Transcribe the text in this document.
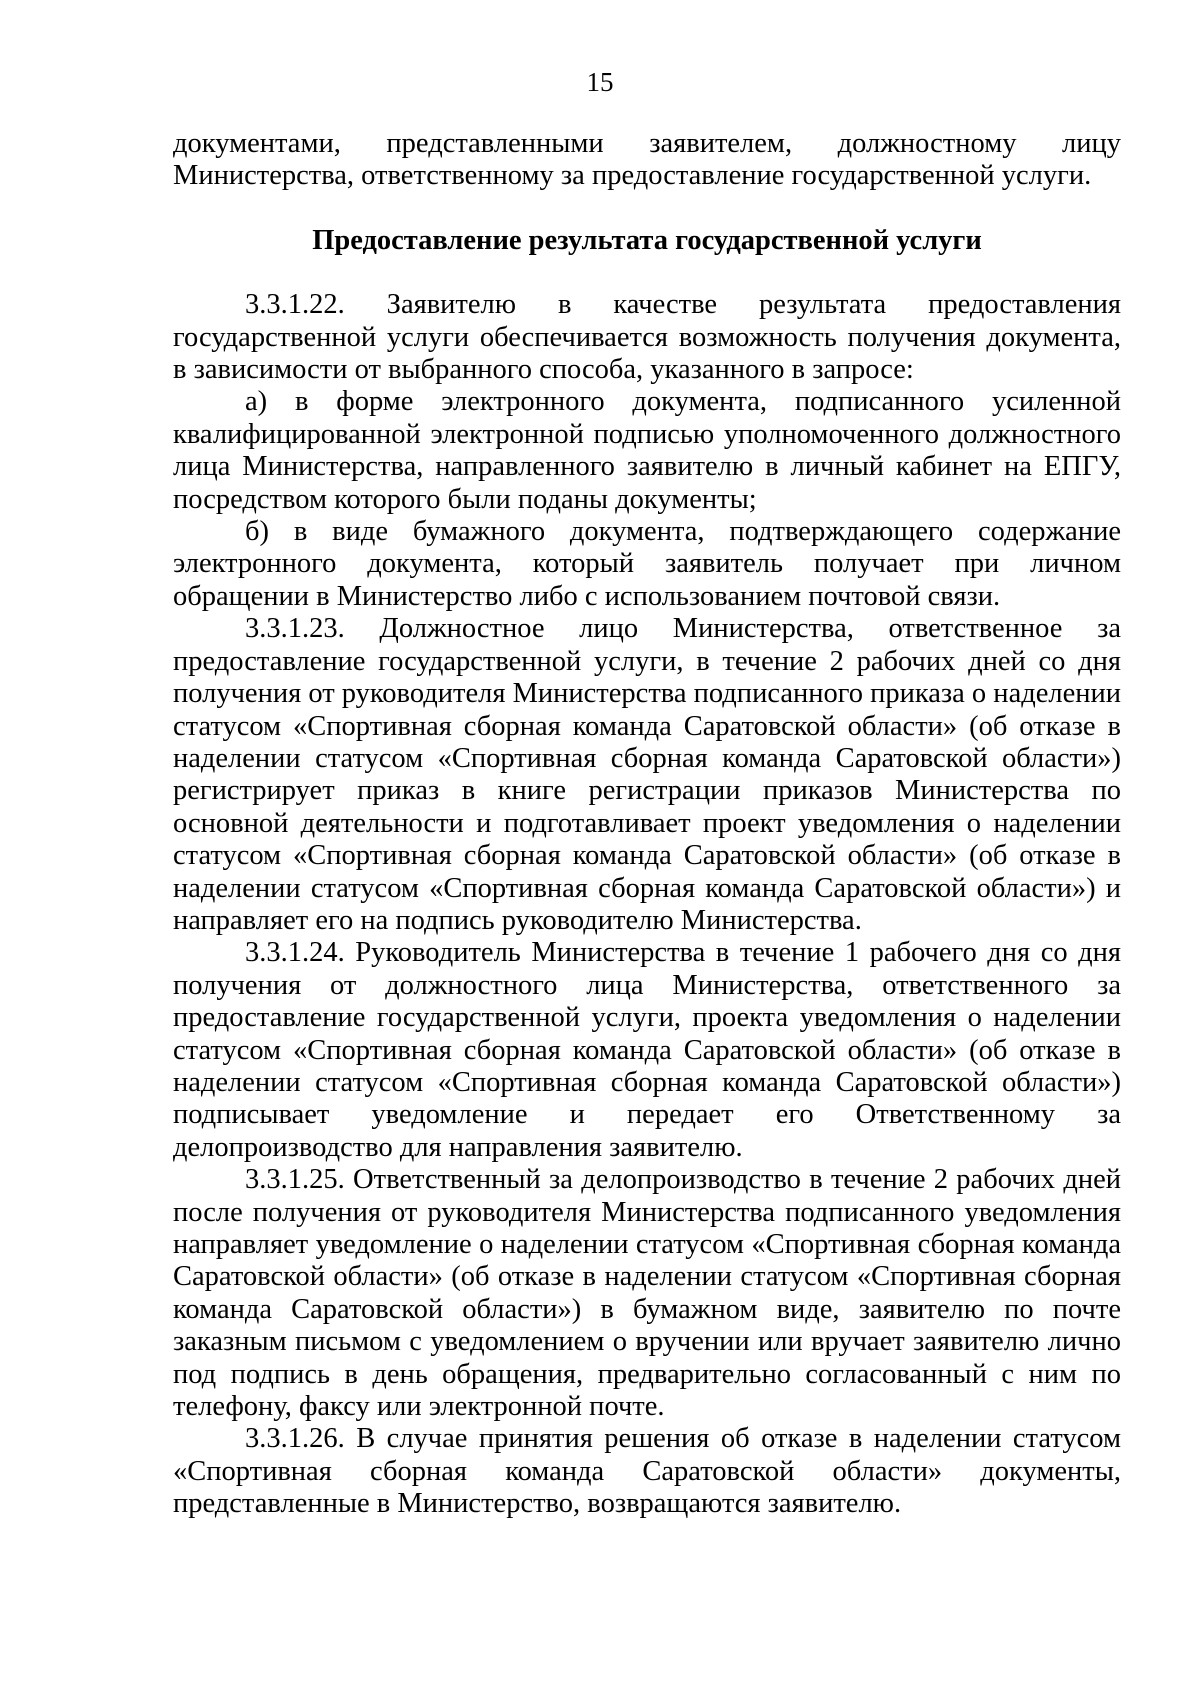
15

документами, представленными заявителем, должностному лицу Министерства, ответственному за предоставление государственной услуги.

Предоставление результата государственной услуги

3.3.1.22. Заявителю в качестве результата предоставления государственной услуги обеспечивается возможность получения документа, в зависимости от выбранного способа, указанного в запросе:

а) в форме электронного документа, подписанного усиленной квалифицированной электронной подписью уполномоченного должностного лица Министерства, направленного заявителю в личный кабинет на ЕПГУ, посредством которого были поданы документы;

б) в виде бумажного документа, подтверждающего содержание электронного документа, который заявитель получает при личном обращении в Министерство либо с использованием почтовой связи.

3.3.1.23. Должностное лицо Министерства, ответственное за предоставление государственной услуги, в течение 2 рабочих дней со дня получения от руководителя Министерства подписанного приказа о наделении статусом «Спортивная сборная команда Саратовской области» (об отказе в наделении статусом «Спортивная сборная команда Саратовской области») регистрирует приказ в книге регистрации приказов Министерства по основной деятельности и подготавливает проект уведомления о наделении статусом «Спортивная сборная команда Саратовской области» (об отказе в наделении статусом «Спортивная сборная команда Саратовской области») и направляет его на подпись руководителю Министерства.

3.3.1.24. Руководитель Министерства в течение 1 рабочего дня со дня получения от должностного лица Министерства, ответственного за предоставление государственной услуги, проекта уведомления о наделении статусом «Спортивная сборная команда Саратовской области» (об отказе в наделении статусом «Спортивная сборная команда Саратовской области») подписывает уведомление и передает его Ответственному за делопроизводство для направления заявителю.

3.3.1.25. Ответственный за делопроизводство в течение 2 рабочих дней после получения от руководителя Министерства подписанного уведомления направляет уведомление о наделении статусом «Спортивная сборная команда Саратовской области» (об отказе в наделении статусом «Спортивная сборная команда Саратовской области») в бумажном виде, заявителю по почте заказным письмом с уведомлением о вручении или вручает заявителю лично под подпись в день обращения, предварительно согласованный с ним по телефону, факсу или электронной почте.

3.3.1.26. В случае принятия решения об отказе в наделении статусом «Спортивная сборная команда Саратовской области» документы, представленные в Министерство, возвращаются заявителю.
